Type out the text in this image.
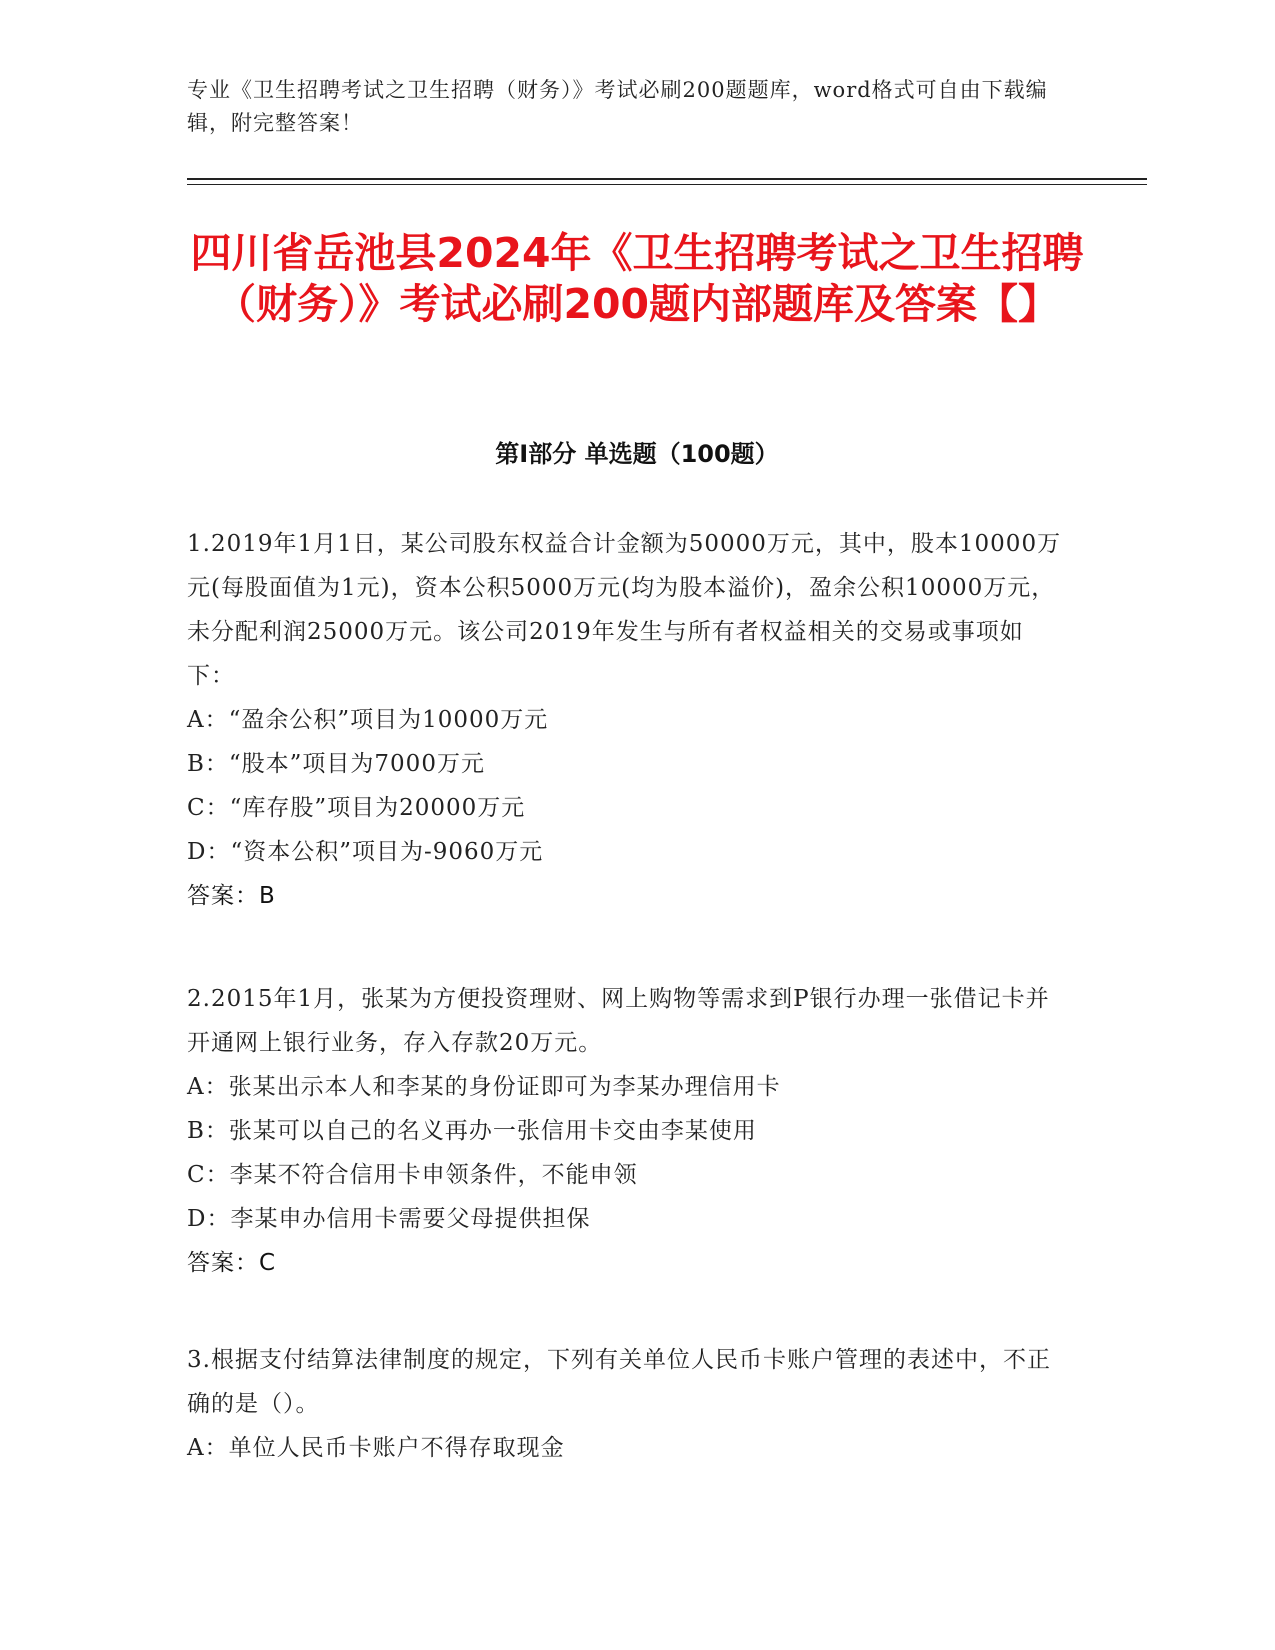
专业《卫生招聘考试之卫生招聘（财务）》考试必刷200题题库，word格式可自由下载编辑，附完整答案！
四川省岳池县2024年《卫生招聘考试之卫生招聘（财务）》考试必刷200题内部题库及答案【】
第I部分 单选题（100题）

1.2019年1月1日，某公司股东权益合计金额为50000万元，其中，股本10000万元(每股面值为1元)，资本公积5000万元(均为股本溢价)，盈余公积10000万元，未分配利润25000万元。该公司2019年发生与所有者权益相关的交易或事项如下：

A：“盈余公积”项目为10000万元

B：“股本”项目为7000万元

C：“库存股”项目为20000万元

D：“资本公积”项目为-9060万元

答案：B

2.2015年1月，张某为方便投资理财、网上购物等需求到P银行办理一张借记卡并开通网上银行业务，存入存款20万元。

A：张某出示本人和李某的身份证即可为李某办理信用卡

B：张某可以自己的名义再办一张信用卡交由李某使用

C：李某不符合信用卡申领条件，不能申领

D：李某申办信用卡需要父母提供担保

答案：C

3.根据支付结算法律制度的规定，下列有关单位人民币卡账户管理的表述中，不正确的是（）。

A：单位人民币卡账户不得存取现金
